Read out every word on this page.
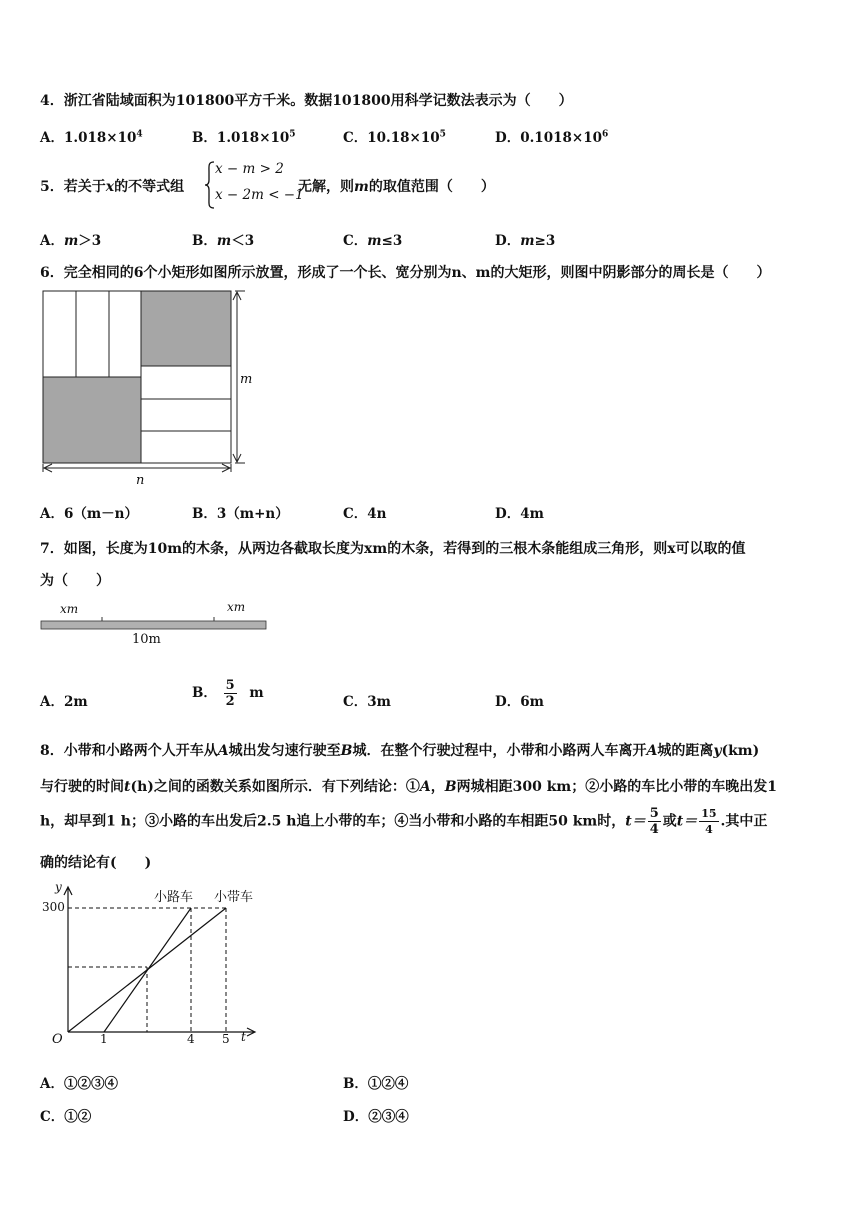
4．浙江省陆域面积为101800平方千米。数据101800用科学记数法表示为（　　）
A．$1.018\times 10^4$	B．$1.018\times 10^5$	C．$10.18\times 10^5$	D．$0.1018\times 10^6$
5．若关于x的不等式组
x − m > 2
x − 2m < −1
无解，则m的取值范围（　　）
A．m＞3	B．m＜3	C．m≤3	D．m≥3
6．完全相同的6个小矩形如图所示放置，形成了一个长、宽分别为n、m的大矩形，则图中阴影部分的周长是（　　）
m
n
A．6（m－n）	B．3（m+n）	C．4n	D．4m
7．如图，长度为10m的木条，从两边各截取长度为xm的木条，若得到的三根木条能组成三角形，则x可以取的值
为（　　）
xm	xm
10m
A．2m
B． $\frac{5}{2}$ m
C．3m	D．6m
8．小带和小路两个人开车从A城出发匀速行驶至B城．在整个行驶过程中，小带和小路两人车离开A城的距离y(km)
与行驶的时间t(h)之间的函数关系如图所示．有下列结论：①A，B两城相距300 km；②小路的车比小带的车晚出发1
h，却早到1 h；③小路的车出发后2.5 h追上小带的车；④当小带和小路的车相距50 km时，$t= \frac{5}{4}$ 或$t= \frac{15}{4}$ .其中正
确的结论有(　　)
y
300
O	1	4 5 t
小路车 小带车
A．①②③④	B．①②④
C．①②	D．②③④
